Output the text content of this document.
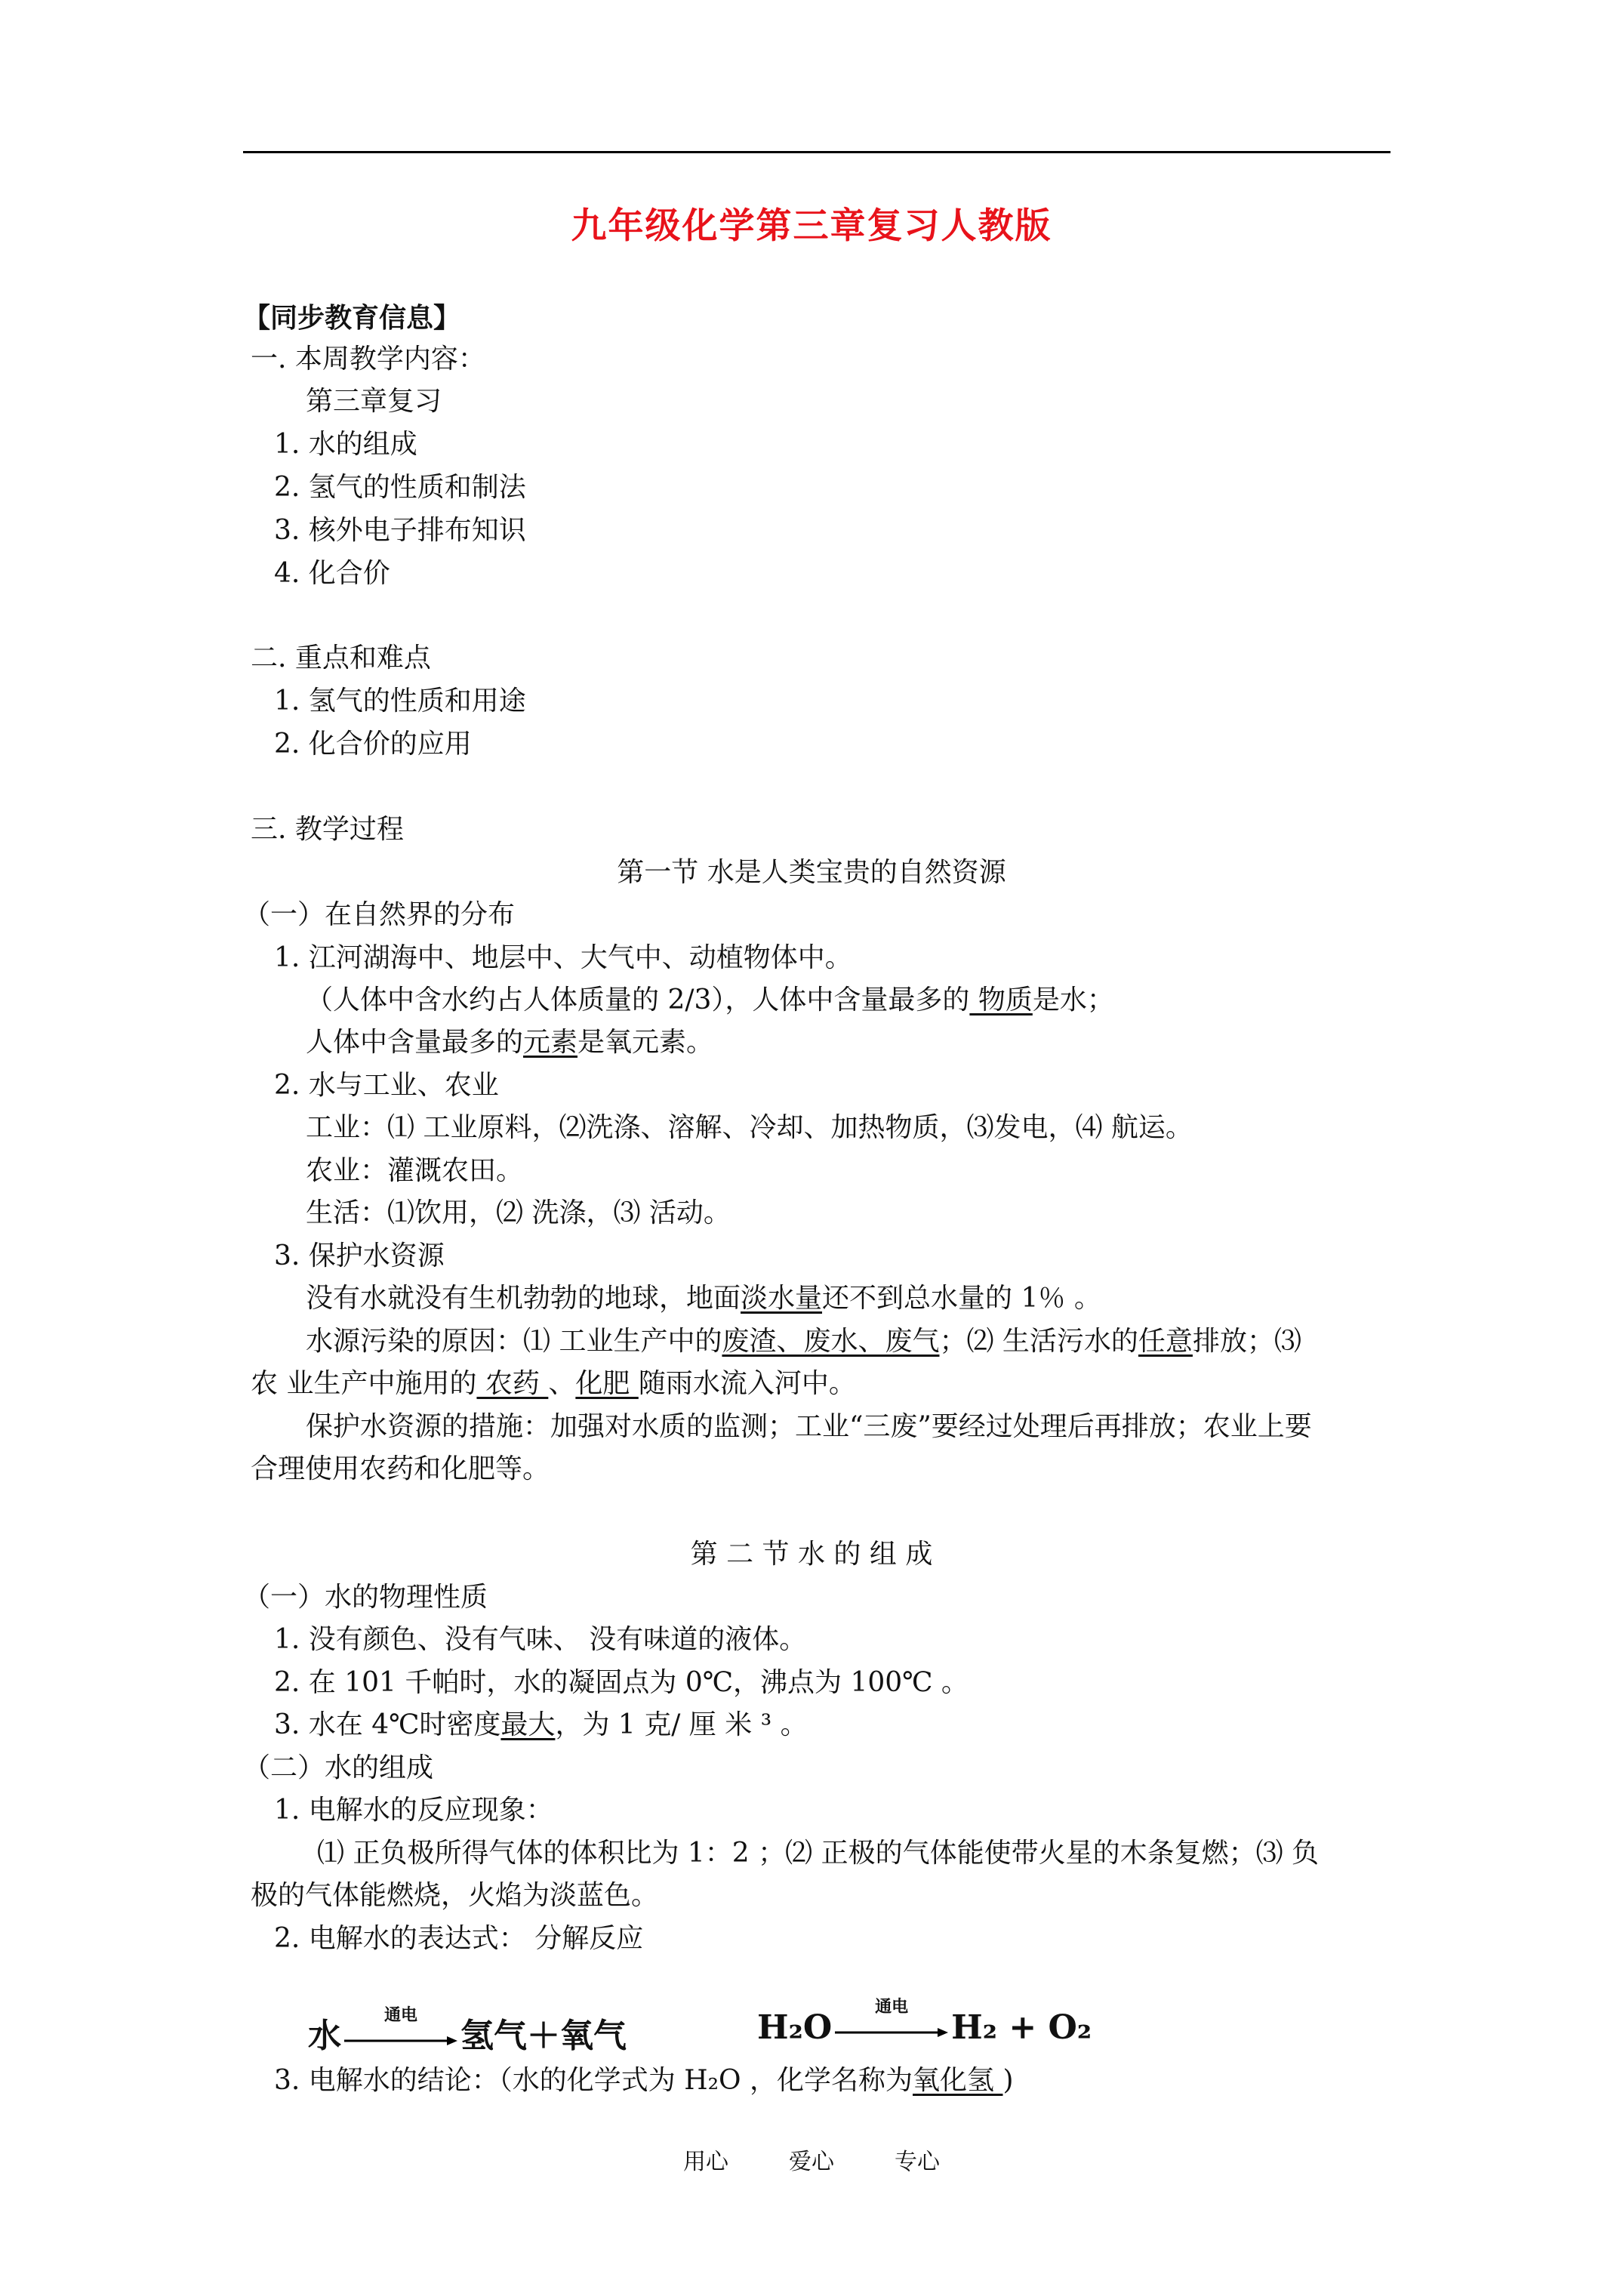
九年级化学第三章复习人教版
【同步教育信息】
一. 本周教学内容：
第三章复习
1. 水的组成
2. 氢气的性质和制法
3. 核外电子排布知识
4. 化合价
二. 重点和难点
1. 氢气的性质和用途
2. 化合价的应用
三. 教学过程
第一节 水是人类宝贵的自然资源
（一）在自然界的分布
1. 江河湖海中、地层中、大气中、动植物体中。
（人体中含水约占人体质量的 2/3），人体中含量最多的 物质是水；
人体中含量最多的元素是氧元素。
2. 水与工业、农业
工业：⑴ 工业原料，⑵洗涤、溶解、冷却、加热物质，⑶发电，⑷ 航运。
农业：灌溉农田。
生活：⑴饮用，⑵ 洗涤，⑶ 活动。
3. 保护水资源
没有水就没有生机勃勃的地球，地面淡水量还不到总水量的 1％ 。
水源污染的原因：⑴ 工业生产中的废渣、废水、废气；⑵ 生活污水的任意排放；⑶
农 业生产中施用的 农药 、化肥 随雨水流入河中。
保护水资源的措施：加强对水质的监测；工业“三废”要经过处理后再排放；农业上要
合理使用农药和化肥等。
第 二 节 水 的 组 成
（一）水的物理性质
1. 没有颜色、没有气味、 没有味道的液体。
2. 在 101 千帕时，水的凝固点为 0℃，沸点为 100℃ 。
3. 水在 4℃时密度最大，为 1 克/ 厘 米 ³ 。
（二）水的组成
1. 电解水的反应现象：
⑴ 正负极所得气体的体积比为 1：2 ；⑵ 正极的气体能使带火星的木条复燃；⑶ 负
极的气体能燃烧，火焰为淡蓝色。
2. 电解水的表达式： 分解反应
水
通电
氢气＋氧气	H₂O
通电
H₂ + O₂
3. 电解水的结论：（水的化学式为 H₂O ，化学名称为氧化氢 )
用心	爱心	专心
